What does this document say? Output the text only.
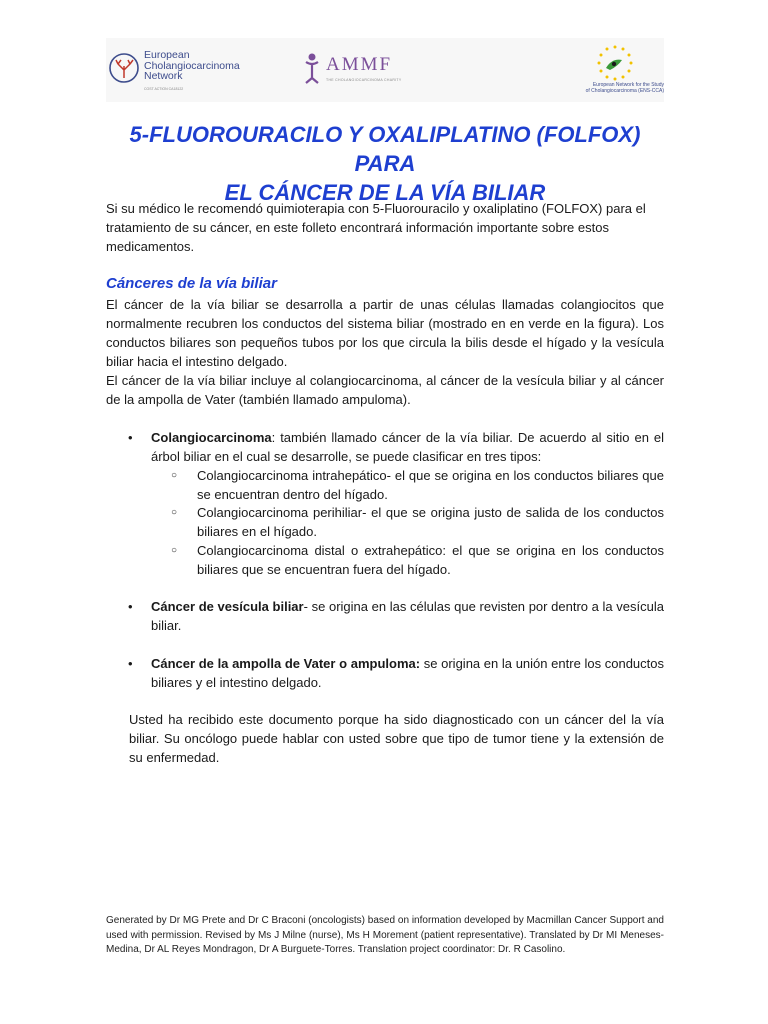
European
Cholangiocarcinoma
Network
COST ACTION CA18122
AMMF
THE CHOLANGIOCARCINOMA CHARITY
European Network for the Study
of Cholangiocarcinoma (ENS-CCA)
5-FLUOROURACILO Y OXALIPLATINO (FOLFOX) PARA
EL CÁNCER DE LA VÍA BILIAR

Si su médico le recomendó quimioterapia con 5-Fluorouracilo y oxaliplatino (FOLFOX) para el tratamiento de su cáncer, en este folleto encontrará información importante sobre estos medicamentos.

Cánceres de la vía biliar

El cáncer de la vía biliar se desarrolla a partir de unas células llamadas colangiocitos que normalmente recubren los conductos del sistema biliar (mostrado en en verde en la figura). Los conductos biliares son pequeños tubos por los que circula la bilis desde el hígado y la vesícula biliar hacia el intestino delgado.

El cáncer de la vía biliar incluye al colangiocarcinoma, al cáncer de la vesícula biliar y al cáncer de la ampolla de Vater (también llamado ampuloma).

• Colangiocarcinoma: también llamado cáncer de la vía biliar. De acuerdo al sitio en el árbol biliar en el cual se desarrolle, se puede clasificar en tres tipos:
○ Colangiocarcinoma intrahepático- el que se origina en los conductos biliares que se encuentran dentro del hígado.
○ Colangiocarcinoma perihiliar- el que se origina justo de salida de los conductos biliares en el hígado.
○ Colangiocarcinoma distal o extrahepático: el que se origina en los conductos biliares que se encuentran fuera del hígado.
• Cáncer de vesícula biliar- se origina en las células que revisten por dentro a la vesícula biliar.
• Cáncer de la ampolla de Vater o ampuloma: se origina en la unión entre los conductos biliares y el intestino delgado.

Usted ha recibido este documento porque ha sido diagnosticado con un cáncer del la vía biliar. Su oncólogo puede hablar con usted sobre que tipo de tumor tiene y la extensión de su enfermedad.

Generated by Dr MG Prete and Dr C Braconi (oncologists) based on information developed by Macmillan Cancer Support and used with permission. Revised by Ms J Milne (nurse), Ms H Morement (patient representative). Translated by Dr MI Meneses-Medina, Dr AL Reyes Mondragon, Dr A Burguete-Torres. Translation project coordinator: Dr. R Casolino.
